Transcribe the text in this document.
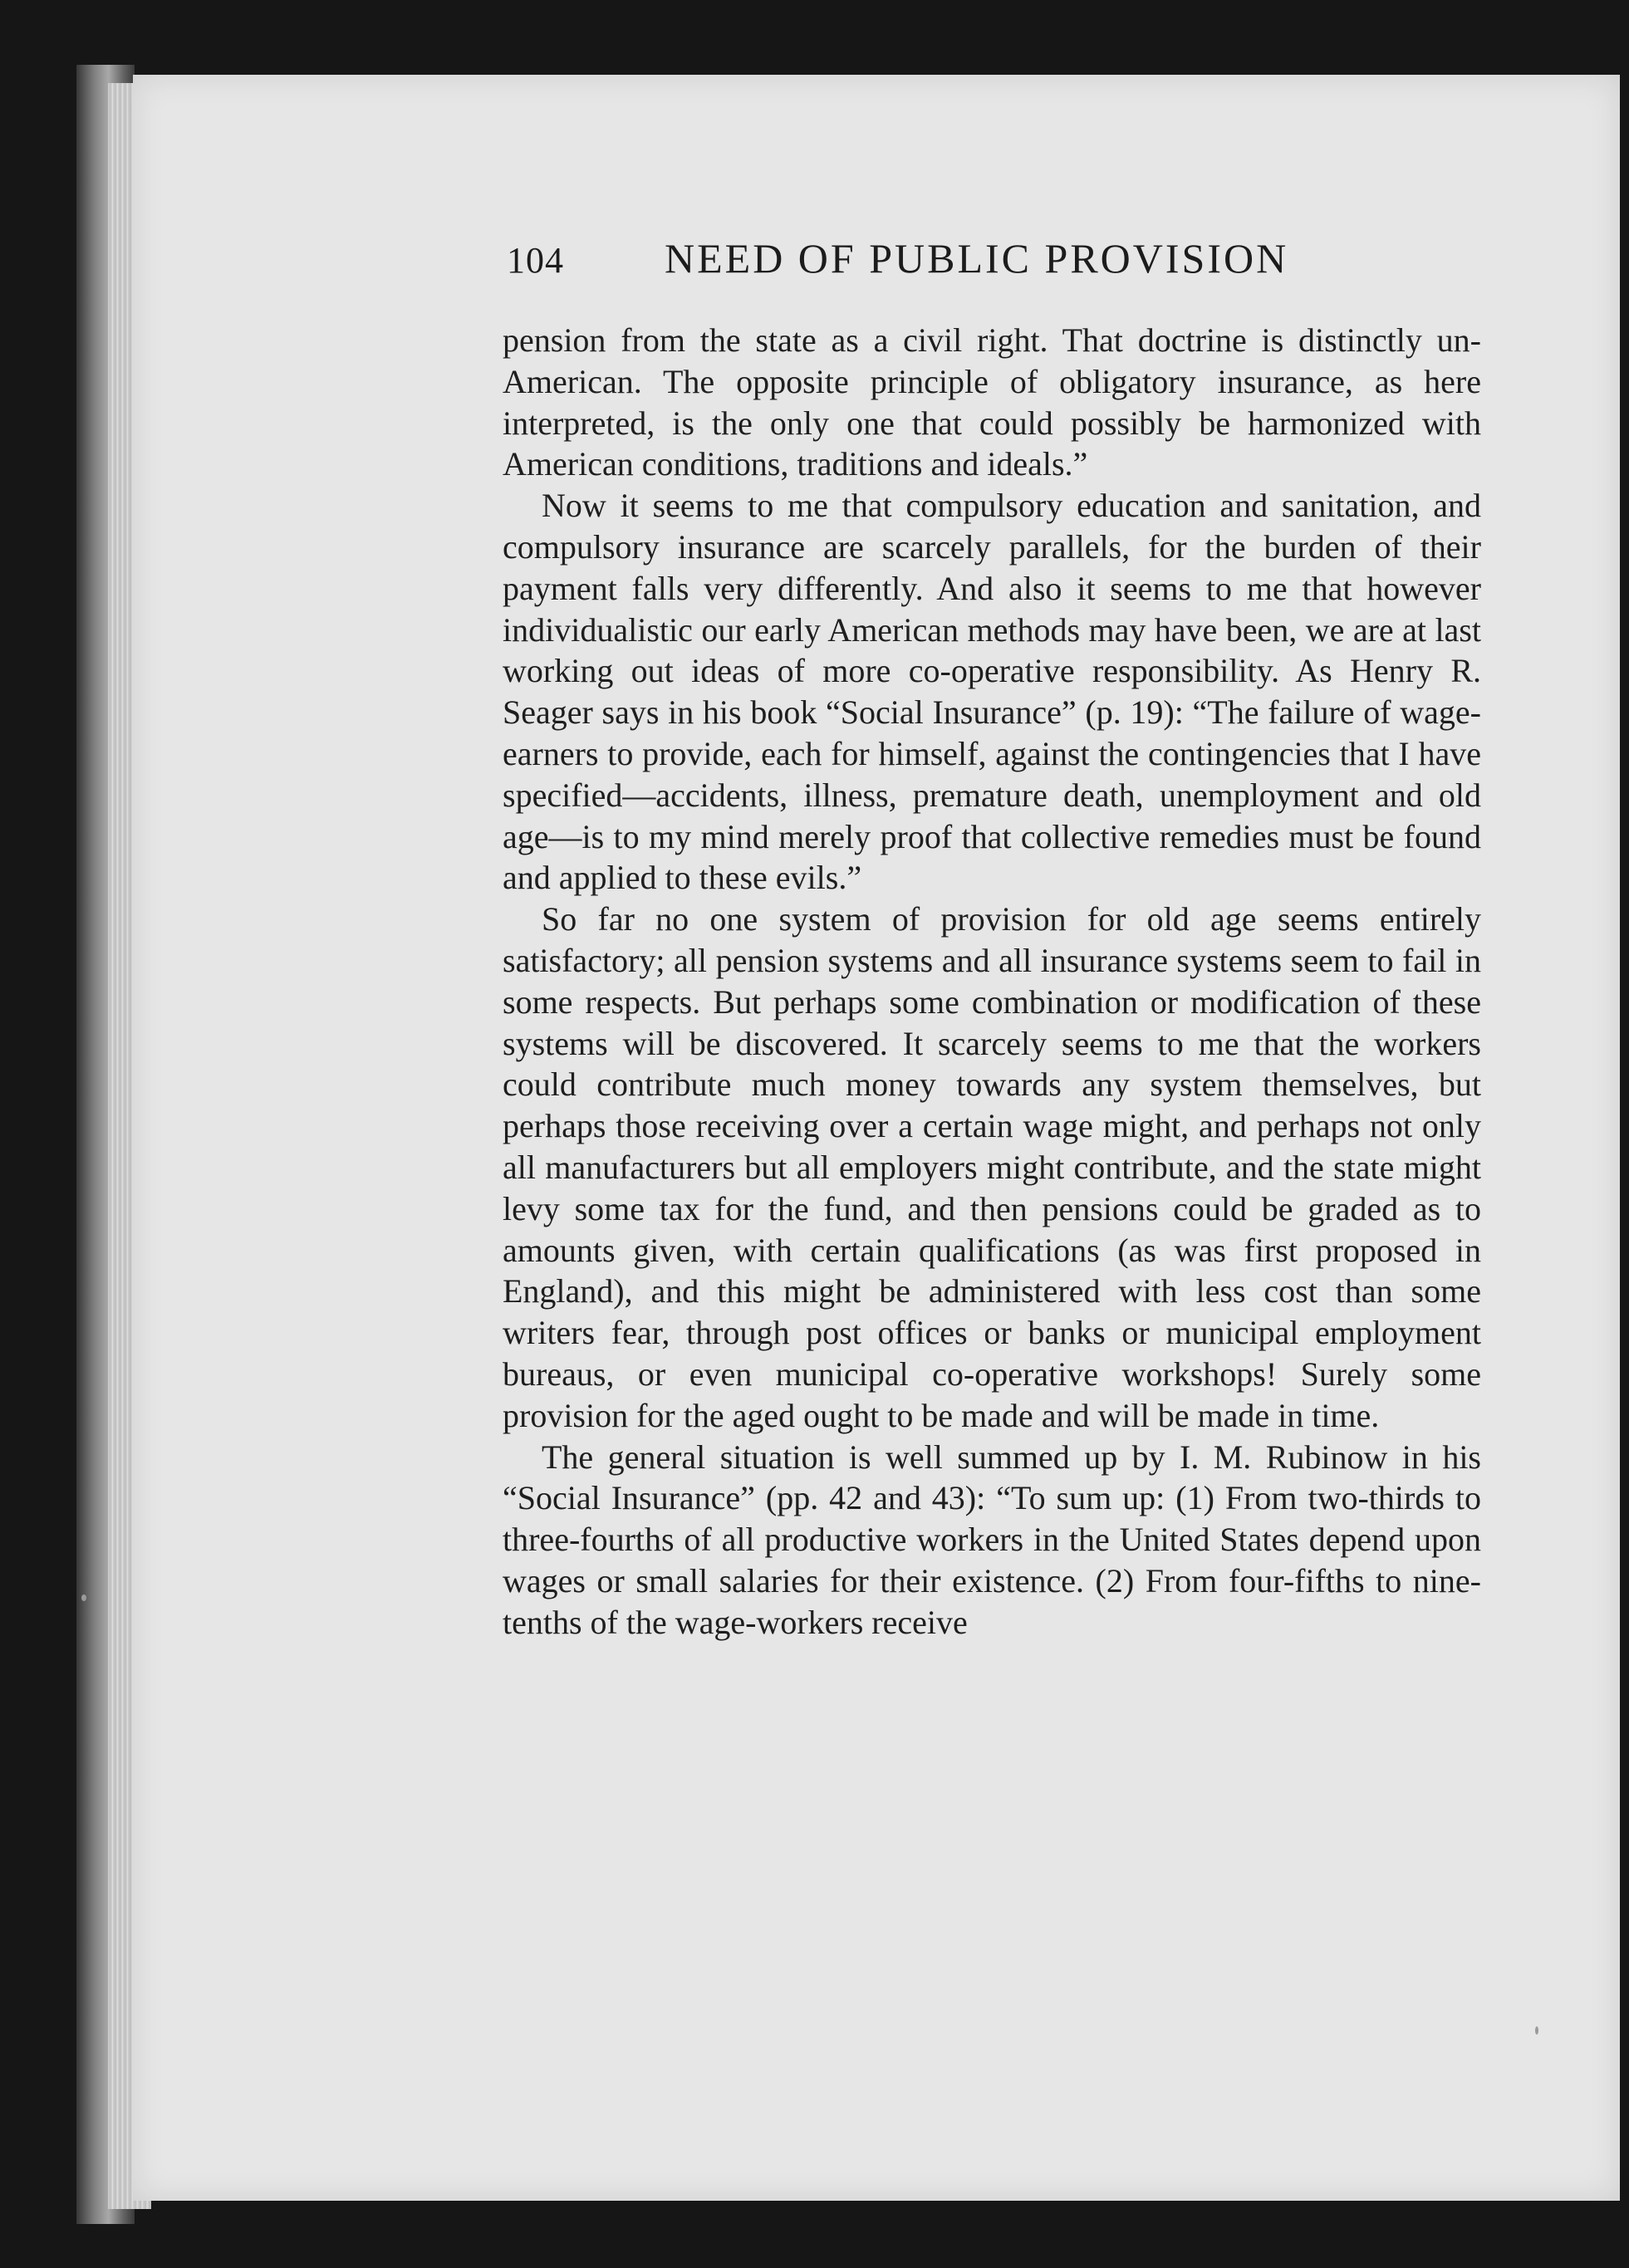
104 NEED OF PUBLIC PROVISION

pension from the state as a civil right. That doctrine is distinctly un-American. The opposite principle of obligatory insurance, as here interpreted, is the only one that could possibly be harmonized with American conditions, traditions and ideals.”

Now it seems to me that compulsory education and sanitation, and compulsory insurance are scarcely parallels, for the burden of their payment falls very differently. And also it seems to me that however individualistic our early American methods may have been, we are at last working out ideas of more co-operative responsibility. As Henry R. Seager says in his book “Social Insurance” (p. 19): “The failure of wage-earners to provide, each for himself, against the contingencies that I have specified—accidents, illness, premature death, unemployment and old age—is to my mind merely proof that collective remedies must be found and applied to these evils.”

So far no one system of provision for old age seems entirely satisfactory; all pension systems and all insurance systems seem to fail in some respects. But perhaps some combination or modification of these systems will be discovered. It scarcely seems to me that the workers could contribute much money towards any system themselves, but perhaps those receiving over a certain wage might, and perhaps not only all manufacturers but all employers might contribute, and the state might levy some tax for the fund, and then pensions could be graded as to amounts given, with certain qualifications (as was first proposed in England), and this might be administered with less cost than some writers fear, through post offices or banks or municipal employment bureaus, or even municipal co-operative workshops! Surely some provision for the aged ought to be made and will be made in time.

The general situation is well summed up by I. M. Rubinow in his “Social Insurance” (pp. 42 and 43): “To sum up: (1) From two-thirds to three-fourths of all productive workers in the United States depend upon wages or small salaries for their existence. (2) From four-fifths to nine-tenths of the wage-workers receive
